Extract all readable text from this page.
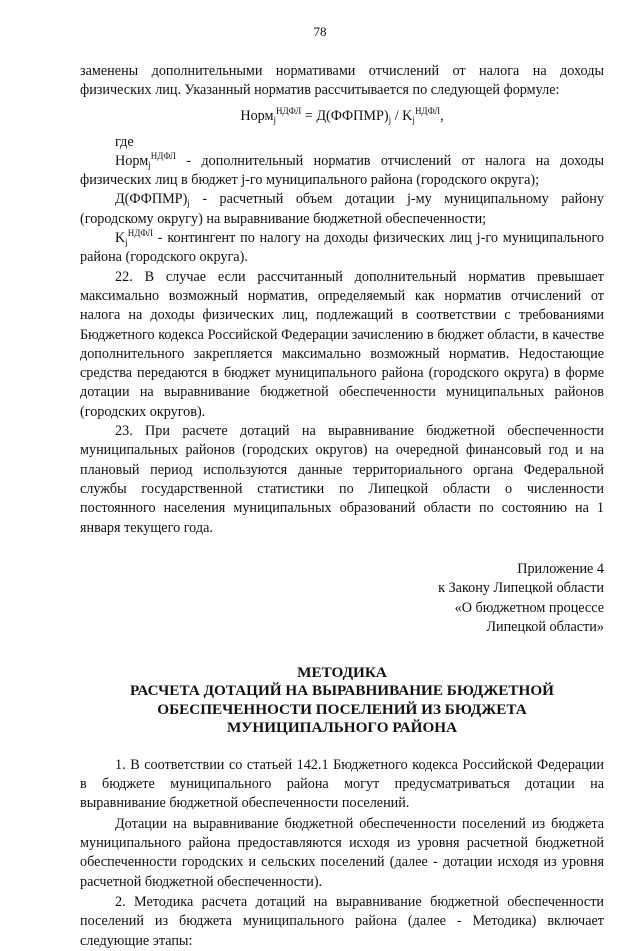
78

заменены дополнительными нормативами отчислений от налога на доходы физических лиц. Указанный норматив рассчитывается по следующей формуле:

Норм$_j^{НДФЛ}$ = $Д(ФФПМР)_j / K_j^{НДФЛ}$,

где

Норм$_j^{НДФЛ}$ - дополнительный норматив отчислений от налога на доходы физических лиц в бюджет j-го муниципального района (городского округа);

$Д(ФФПМР)_j$ - расчетный объем дотации j-му муниципальному району (городскому округу) на выравнивание бюджетной обеспеченности;

$K_j^{НДФЛ}$ - контингент по налогу на доходы физических лиц j-го муниципального района (городского округа).

22. В случае если рассчитанный дополнительный норматив превышает максимально возможный норматив, определяемый как норматив отчислений от налога на доходы физических лиц, подлежащий в соответствии с требованиями Бюджетного кодекса Российской Федерации зачислению в бюджет области, в качестве дополнительного закрепляется максимально возможный норматив. Недостающие средства передаются в бюджет муниципального района (городского округа) в форме дотации на выравнивание бюджетной обеспеченности муниципальных районов (городских округов).

23. При расчете дотаций на выравнивание бюджетной обеспеченности муниципальных районов (городских округов) на очередной финансовый год и на плановый период используются данные территориального органа Федеральной службы государственной статистики по Липецкой области о численности постоянного населения муниципальных образований области по состоянию на 1 января текущего года.

Приложение 4
к Закону Липецкой области
«О бюджетном процессе
Липецкой области»

МЕТОДИКА
РАСЧЕТА ДОТАЦИЙ НА ВЫРАВНИВАНИЕ БЮДЖЕТНОЙ
ОБЕСПЕЧЕННОСТИ ПОСЕЛЕНИЙ ИЗ БЮДЖЕТА
МУНИЦИПАЛЬНОГО РАЙОНА

1. В соответствии со статьей 142.1 Бюджетного кодекса Российской Федерации в бюджете муниципального района могут предусматриваться дотации на выравнивание бюджетной обеспеченности поселений.

Дотации на выравнивание бюджетной обеспеченности поселений из бюджета муниципального района предоставляются исходя из уровня расчетной бюджетной обеспеченности городских и сельских поселений (далее - дотации исходя из уровня расчетной бюджетной обеспеченности).

2. Методика расчета дотаций на выравнивание бюджетной обеспеченности поселений из бюджета муниципального района (далее - Методика) включает следующие этапы:
